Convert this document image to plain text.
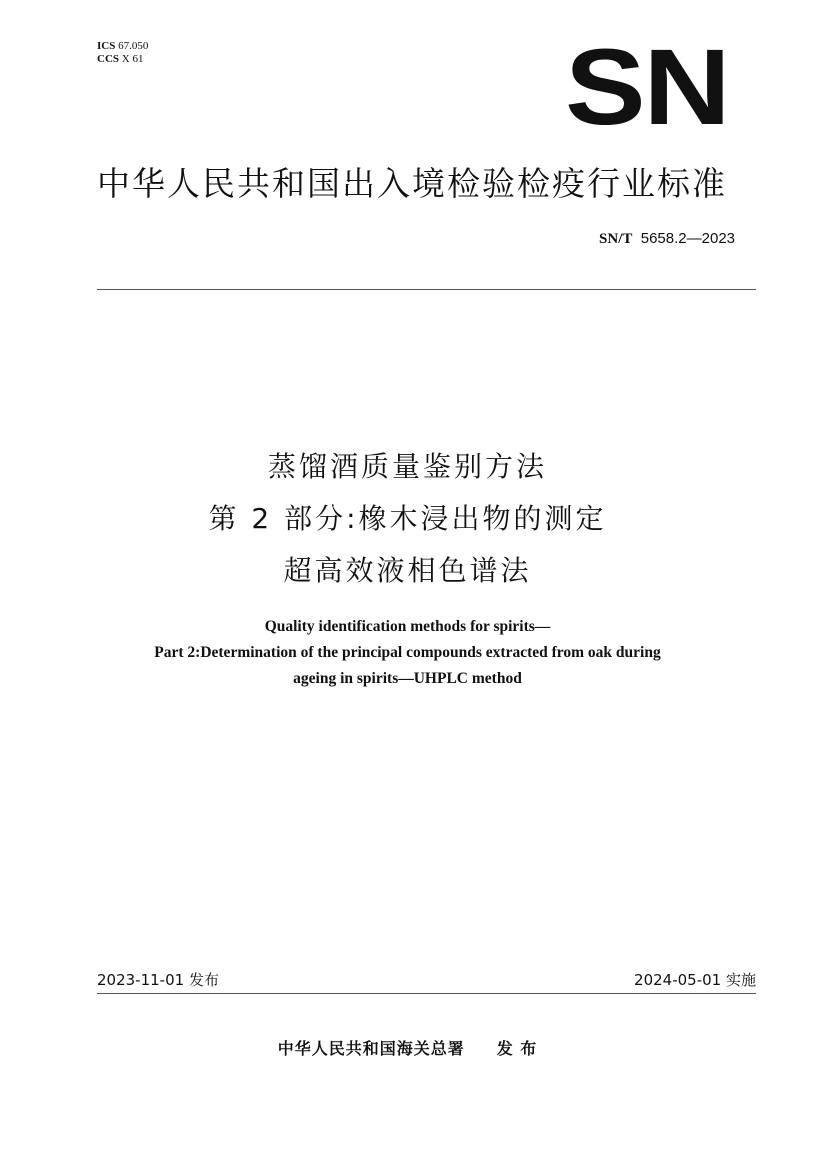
ICS 67.050
CCS X 61	SN
中华人民共和国出入境检验检疫行业标准
SN/T 5658.2—2023
蒸馏酒质量鉴别方法
第 2 部分:橡木浸出物的测定
超高效液相色谱法
Quality identification methods for spirits—
Part 2:Determination of the principal compounds extracted from oak during
ageing in spirits—UHPLC method
2023-11-01 发布	2024-05-01 实施
中华人民共和国海关总署 发 布
